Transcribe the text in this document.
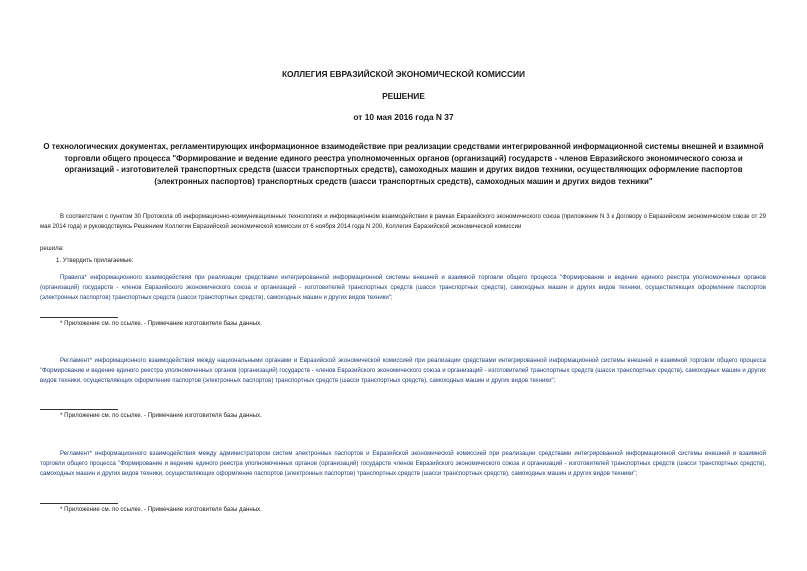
КОЛЛЕГИЯ ЕВРАЗИЙСКОЙ ЭКОНОМИЧЕСКОЙ КОМИССИИ
РЕШЕНИЕ
от 10 мая 2016 года N 37
О технологических документах, регламентирующих информационное взаимодействие при реализации средствами интегрированной информационной системы внешней и взаимной торговли общего процесса "Формирование и ведение единого реестра уполномоченных органов (организаций) государств - членов Евразийского экономического союза и организаций - изготовителей транспортных средств (шасси транспортных средств), самоходных машин и других видов техники, осуществляющих оформление паспортов (электронных паспортов) транспортных средств (шасси транспортных средств), самоходных машин и других видов техники"
В соответствии с пунктом 30 Протокола об информационно-коммуникационных технологиях и информационном взаимодействии в рамках Евразийского экономического союза (приложение N 3 к Договору о Евразийском экономическом союзе от 29 мая 2014 года) и руководствуясь Решением Коллегии Евразийской экономической комиссии от 6 ноября 2014 года N 200, Коллегия Евразийской экономической комиссии
решила:
1. Утвердить прилагаемые:
Правила* информационного взаимодействия при реализации средствами интегрированной информационной системы внешней и взаимной торговли общего процесса "Формирование и ведение единого реестра уполномоченных органов (организаций) государств - членов Евразийского экономического союза и организаций - изготовителей транспортных средств (шасси транспортных средств), самоходных машин и других видов техники, осуществляющих оформление паспортов (электронных паспортов) транспортных средств (шасси транспортных средств), самоходных машин и других видов техники";
* Приложение см. по ссылке. - Примечание изготовителя базы данных.
Регламент* информационного взаимодействия между национальными органами и Евразийской экономической комиссией при реализации средствами интегрированной информационной системы внешней и взаимной торговли общего процесса "Формирование и ведение единого реестра уполномоченных органов (организаций) государств - членов Евразийского экономического союза и организаций - изготовителей транспортных средств (шасси транспортных средств), самоходных машин и других видов техники, осуществляющих оформление паспортов (электронных паспортов) транспортных средств (шасси транспортных средств), самоходных машин и других видов техники";
* Приложение см. по ссылке. - Примечание изготовителя базы данных.
Регламент* информационного взаимодействия между администратором систем электронных паспортов и Евразийской экономической комиссией при реализации средствами интегрированной информационной системы внешней и взаимной торговли общего процесса "Формирование и ведение единого реестра уполномоченных органов (организаций) государств членов Евразийского экономического союза и организаций - изготовителей транспортных средств (шасси транспортных средств), самоходных машин и других видов техники, осуществляющих оформление паспортов (электронных паспортов) транспортных средств (шасси транспортных средств), самоходных машин и других видов техники";
* Приложение см. по ссылке. - Примечание изготовителя базы данных.
